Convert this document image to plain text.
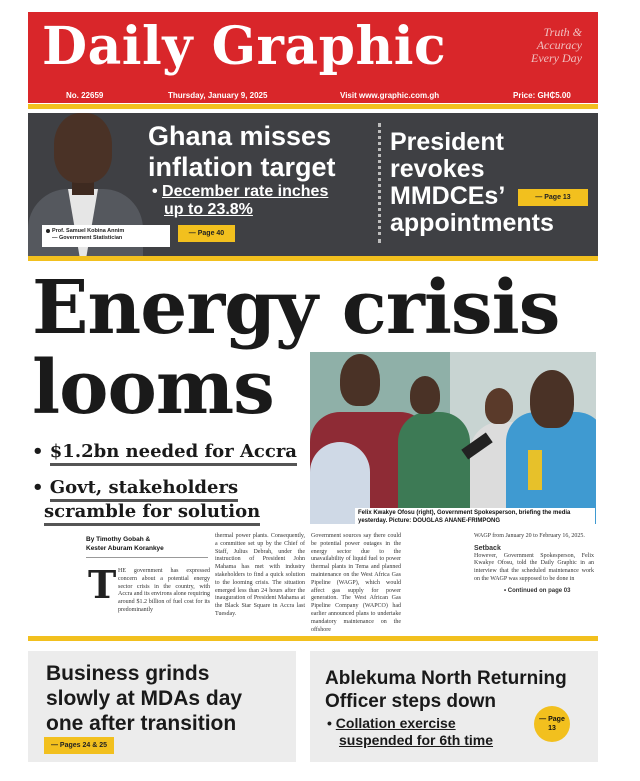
Daily Graphic	Truth &
Accuracy
Every Day
No. 22659	Thursday, January 9, 2025	Visit www.graphic.com.gh	Price: GH₵5.00
Prof. Samuel Kobina Annim
— Government Statistician
Ghana misses
inflation target
• December rate inches
up to 23.8%
— Page 40
President
revokes
MMDCEs’
appointments
— Page 13
Energy crisis
looms
• $1.2bn needed for Accra
• Govt, stakeholders
scramble for solution	Felix Kwakye Ofosu (right), Government Spokesperson, briefing the media yesterday. Picture: DOUGLAS ANANE-FRIMPONG
By Timothy Gobah &
Kester Aburam Korankye
T HE government has expressed concern about a potential energy sector crisis in the country, with Accra and its environs alone requiring around $1.2 billion of fuel cost for its predominantly
thermal power plants. Consequently, a committee set up by the Chief of Staff, Julius Debrah, under the instruction of President John Mahama has met with industry stakeholders to find a quick solution to the looming crisis. The situation emerged less than 24 hours after the inauguration of President Mahama at the Black Star Square in Accra last Tuesday.
Government sources say there could be potential power outages in the energy sector due to the unavailability of liquid fuel to power thermal plants in Tema and planned maintenance on the West Africa Gas Pipeline (WAGP), which would affect gas supply for power generation. The West African Gas Pipeline Company (WAPCO) had earlier announced plans to undertake mandatory maintenance on the offshore
WAGP from January 20 to February 16, 2025.
Setback
However, Government Spokesperson, Felix Kwakye Ofosu, told the Daily Graphic in an interview that the scheduled maintenance work on the WAGP was supposed to be done in
• Continued on page 03
Business grinds
slowly at MDAs day
one after transition
— Pages 24 & 25
Ablekuma North Returning
Officer steps down
• Collation exercise
suspended for 6th time
— Page
13
